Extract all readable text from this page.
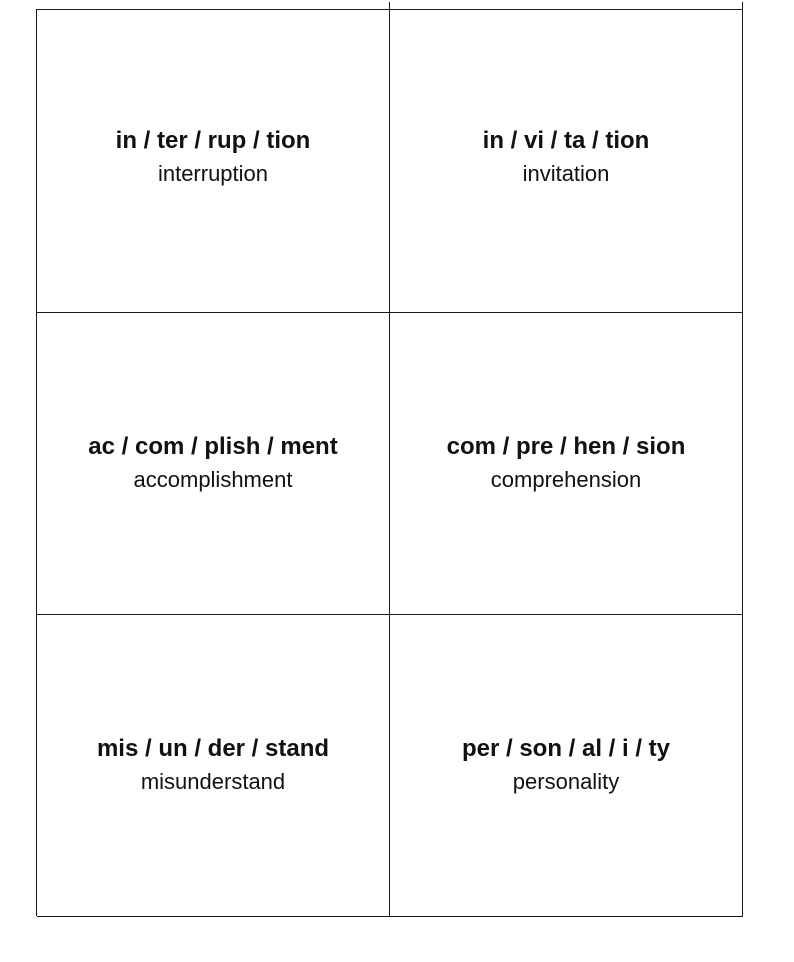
in / ter / rup / tion
interruption
in / vi / ta / tion
invitation
ac / com / plish / ment
accomplishment
com / pre / hen / sion
comprehension
mis / un / der / stand
misunderstand
per / son / al / i / ty
personality
